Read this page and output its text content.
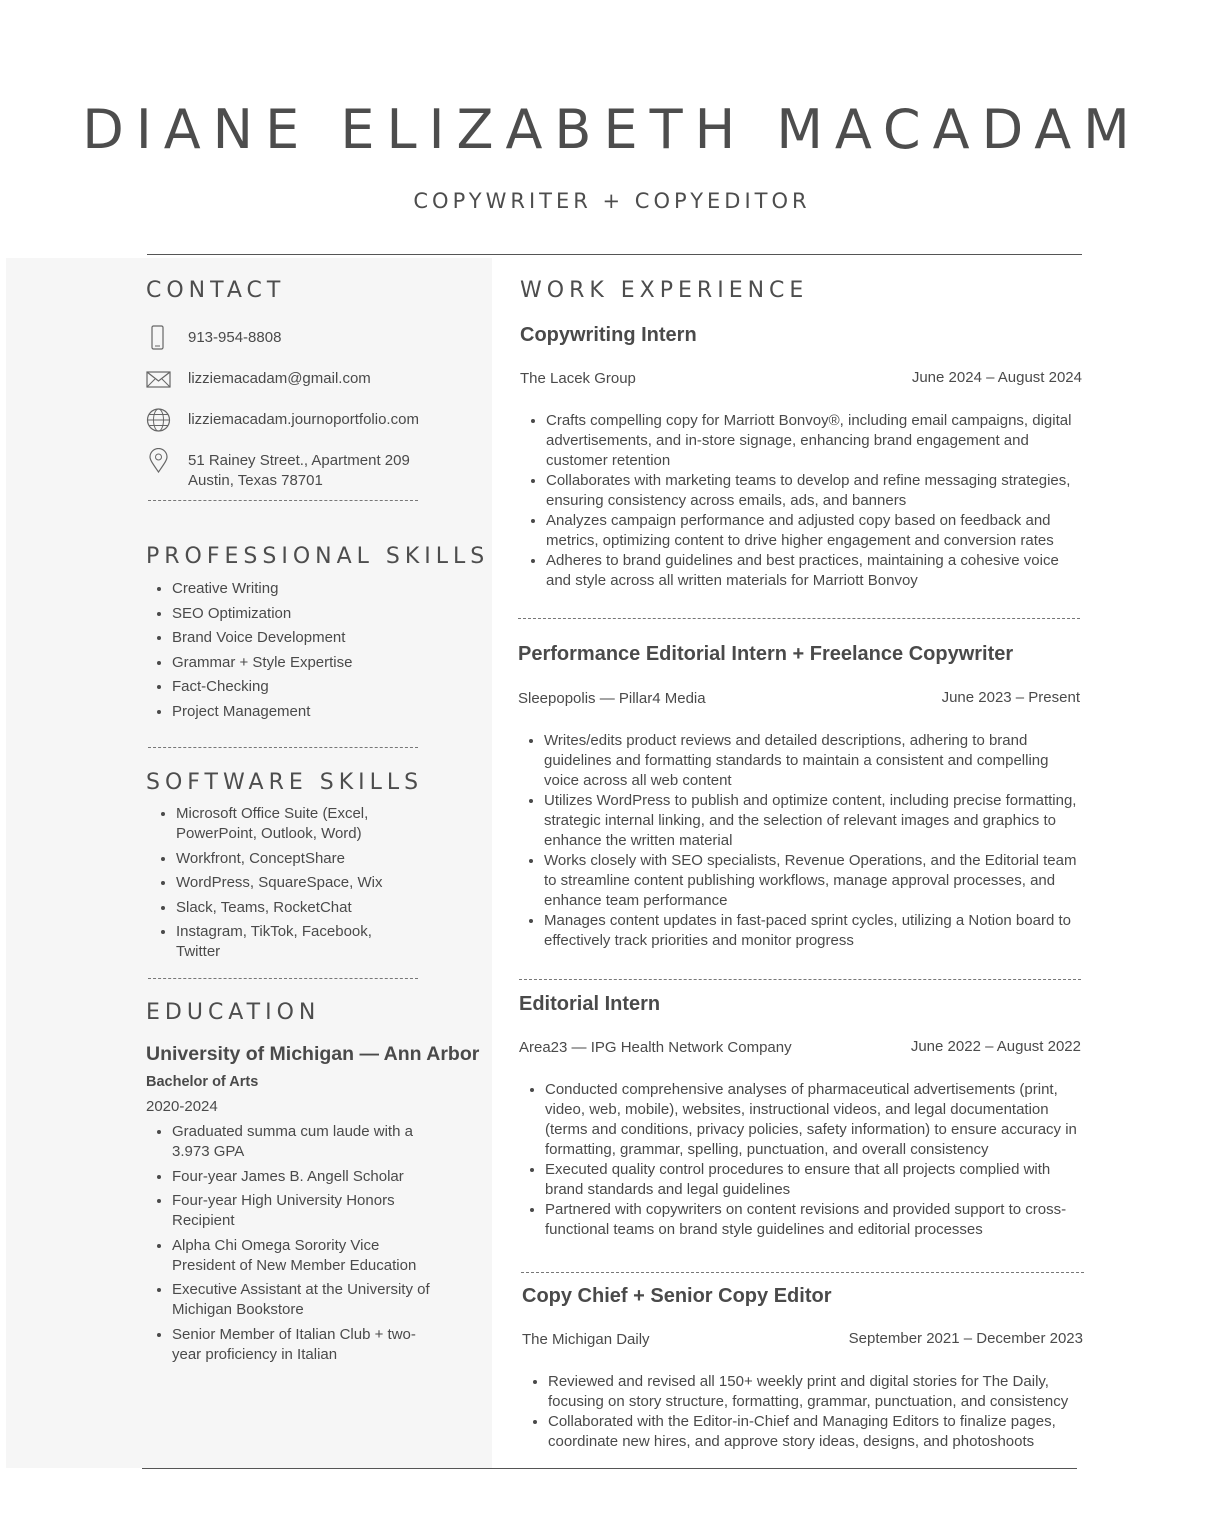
DIANE ELIZABETH MACADAM
COPYWRITER + COPYEDITOR
CONTACT
913-954-8808
lizziemacadam@gmail.com
lizziemacadam.journoportfolio.com
51 Rainey Street., Apartment 209
Austin, Texas 78701
PROFESSIONAL SKILLS
• Creative Writing
• SEO Optimization
• Brand Voice Development
• Grammar + Style Expertise
• Fact-Checking
• Project Management
SOFTWARE SKILLS
• Microsoft Office Suite (Excel, PowerPoint, Outlook, Word)
• Workfront, ConceptShare
• WordPress, SquareSpace, Wix
• Slack, Teams, RocketChat
• Instagram, TikTok, Facebook, Twitter
EDUCATION
University of Michigan — Ann Arbor
Bachelor of Arts
2020-2024
• Graduated summa cum laude with a 3.973 GPA
• Four-year James B. Angell Scholar
• Four-year High University Honors Recipient
• Alpha Chi Omega Sorority Vice President of New Member Education
• Executive Assistant at the University of Michigan Bookstore
• Senior Member of Italian Club + two-year proficiency in Italian
WORK EXPERIENCE
Copywriting Intern
The Lacek Group	June 2024 – August 2024
• Crafts compelling copy for Marriott Bonvoy®, including email campaigns, digital advertisements, and in-store signage, enhancing brand engagement and customer retention
• Collaborates with marketing teams to develop and refine messaging strategies, ensuring consistency across emails, ads, and banners
• Analyzes campaign performance and adjusted copy based on feedback and metrics, optimizing content to drive higher engagement and conversion rates
• Adheres to brand guidelines and best practices, maintaining a cohesive voice and style across all written materials for Marriott Bonvoy
Performance Editorial Intern + Freelance Copywriter
Sleepopolis — Pillar4 Media	June 2023 – Present
• Writes/edits product reviews and detailed descriptions, adhering to brand guidelines and formatting standards to maintain a consistent and compelling voice across all web content
• Utilizes WordPress to publish and optimize content, including precise formatting, strategic internal linking, and the selection of relevant images and graphics to enhance the written material
• Works closely with SEO specialists, Revenue Operations, and the Editorial team to streamline content publishing workflows, manage approval processes, and enhance team performance
• Manages content updates in fast-paced sprint cycles, utilizing a Notion board to effectively track priorities and monitor progress
Editorial Intern
Area23 — IPG Health Network Company	June 2022 – August 2022
• Conducted comprehensive analyses of pharmaceutical advertisements (print, video, web, mobile), websites, instructional videos, and legal documentation (terms and conditions, privacy policies, safety information) to ensure accuracy in formatting, grammar, spelling, punctuation, and overall consistency
• Executed quality control procedures to ensure that all projects complied with brand standards and legal guidelines
• Partnered with copywriters on content revisions and provided support to cross-functional teams on brand style guidelines and editorial processes
Copy Chief + Senior Copy Editor
The Michigan Daily	September 2021 – December 2023
• Reviewed and revised all 150+ weekly print and digital stories for The Daily, focusing on story structure, formatting, grammar, punctuation, and consistency
• Collaborated with the Editor-in-Chief and Managing Editors to finalize pages, coordinate new hires, and approve story ideas, designs, and photoshoots
